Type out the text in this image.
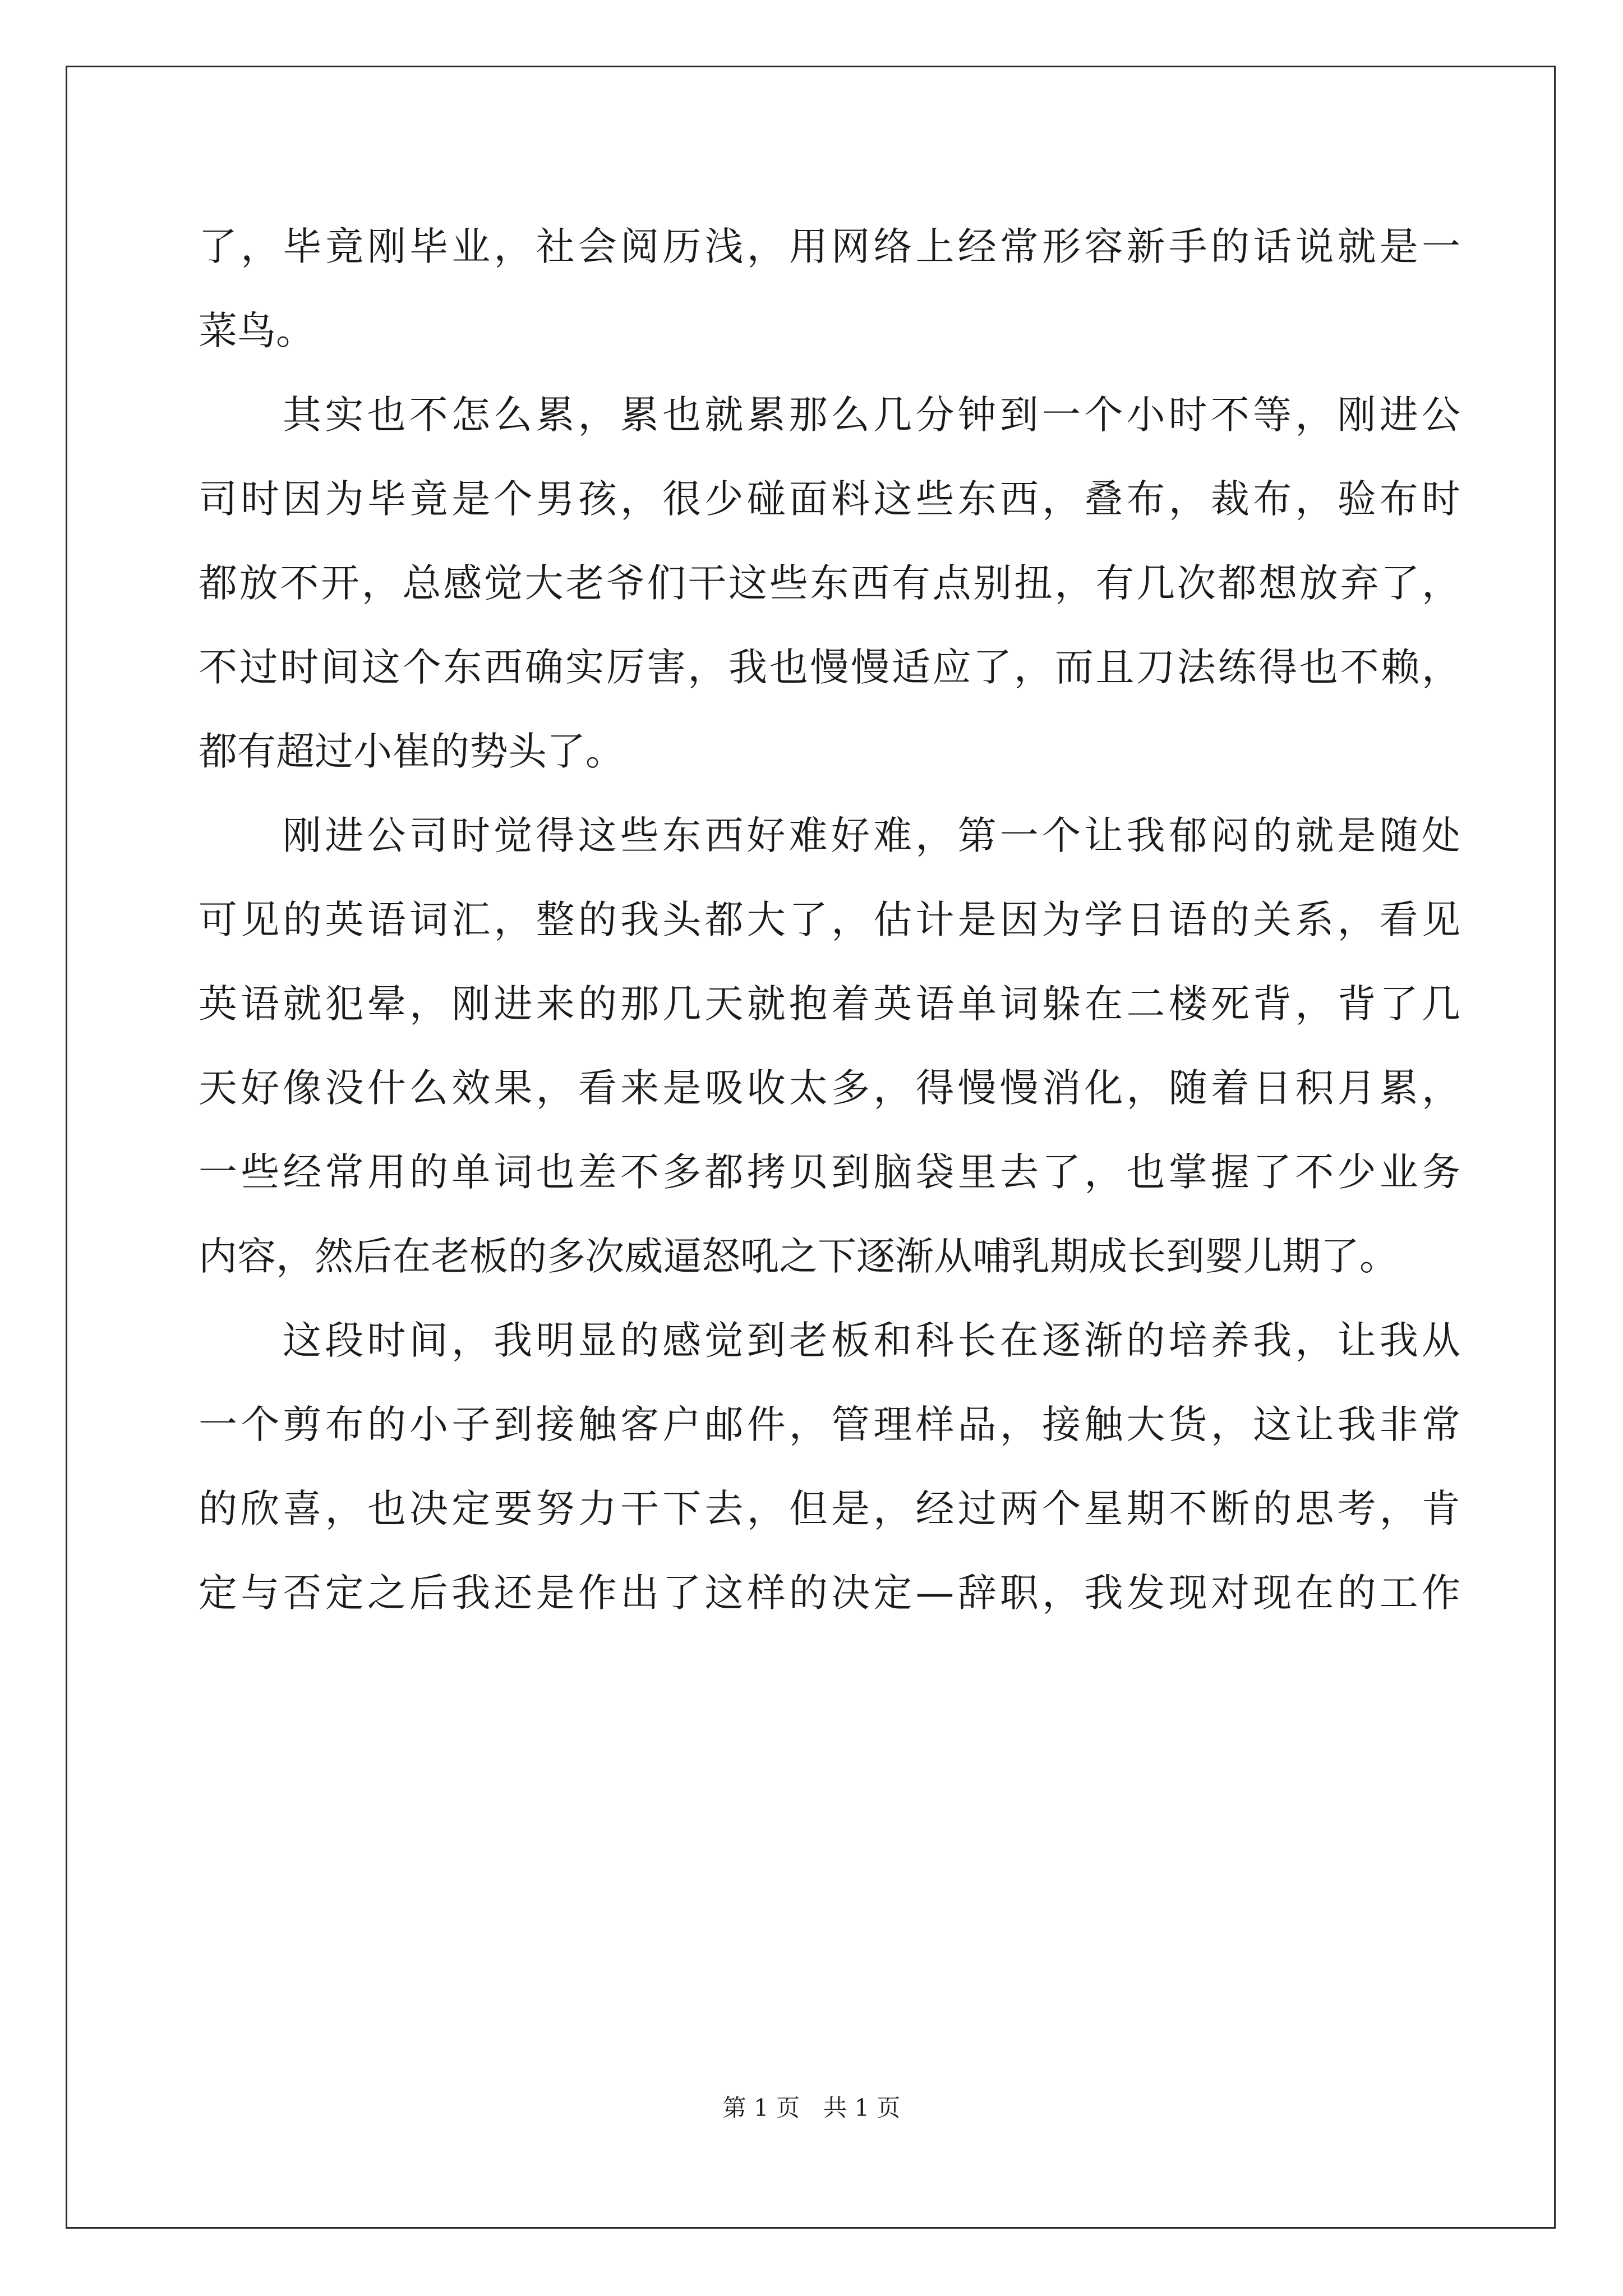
了，毕竟刚毕业，社会阅历浅，用网络上经常形容新手的话说就是一
菜鸟。
其实也不怎么累，累也就累那么几分钟到一个小时不等，刚进公
司时因为毕竟是个男孩，很少碰面料这些东西，叠布，裁布，验布时
都放不开，总感觉大老爷们干这些东西有点别扭，有几次都想放弃了，
不过时间这个东西确实厉害，我也慢慢适应了，而且刀法练得也不赖，
都有超过小崔的势头了。
刚进公司时觉得这些东西好难好难，第一个让我郁闷的就是随处
可见的英语词汇，整的我头都大了，估计是因为学日语的关系，看见
英语就犯晕，刚进来的那几天就抱着英语单词躲在二楼死背，背了几
天好像没什么效果，看来是吸收太多，得慢慢消化，随着日积月累，
一些经常用的单词也差不多都拷贝到脑袋里去了，也掌握了不少业务
内容，然后在老板的多次威逼怒吼之下逐渐从哺乳期成长到婴儿期了。
这段时间，我明显的感觉到老板和科长在逐渐的培养我，让我从
一个剪布的小子到接触客户邮件，管理样品，接触大货，这让我非常
的欣喜，也决定要努力干下去，但是，经过两个星期不断的思考，肯
定与否定之后我还是作出了这样的决定—辞职，我发现对现在的工作
第 1 页　共 1 页
